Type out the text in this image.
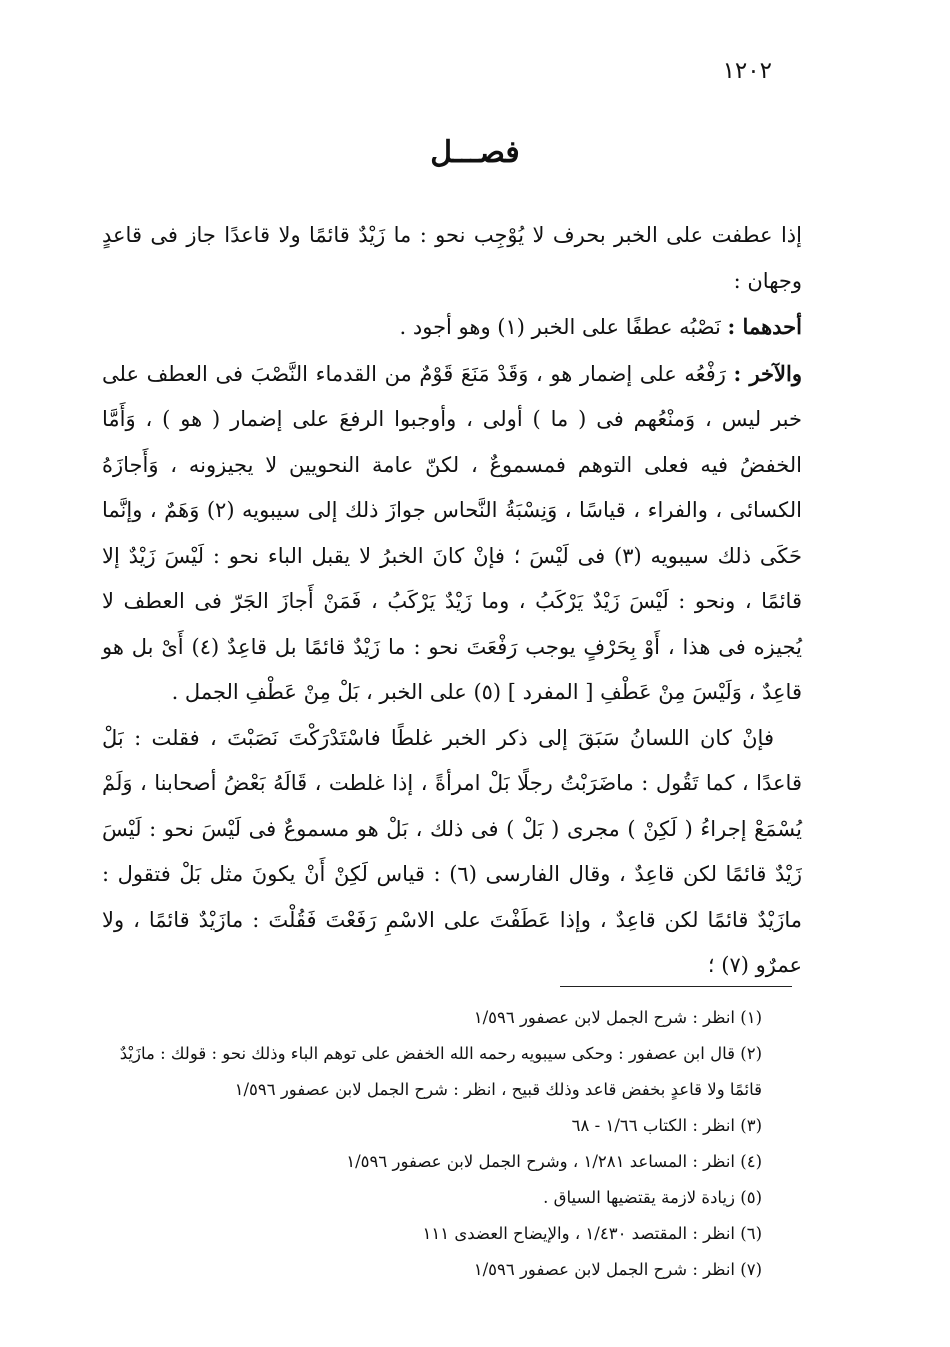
١٢٠٢
فصـــل

إذا عطفت على الخبر بحرف لا يُوْجِب نحو : ما زَيْدٌ قائمًا ولا قاعدًا جاز فى قاعدٍ وجهان :

أحدهما : نَصْبُه عطفًا على الخبر (١) وهو أجود .

والآخر : رَفْعُه على إضمار هو ، وَقَدْ مَنَعَ قَوْمٌ من القدماء النَّصْبَ فى العطف على خبر ليس ، وَمنْعُهم فى ( ما ) أولى ، وأوجبوا الرفعَ على إضمار ( هو ) ، وَأَمَّا الخفضُ فيه فعلى التوهم فمسموعٌ ، لكنّ عامة النحويين لا يجيزونه ، وَأَجازَهُ الكسائى ، والفراء ، قياسًا ، وَنِسْبَةُ النَّحاس جوازَ ذلك إلى سيبويه (٢) وَهَمٌ ، وإنَّما حَكَى ذلك سيبويه (٣) فى لَيْسَ ؛ فإنْ كانَ الخبرُ لا يقبل الباء نحو : لَيْسَ زَيْدٌ إلا قائمًا ، ونحو : لَيْسَ زَيْدٌ يَرْكَبُ ، وما زَيْدٌ يَرْكَبُ ، فَمَنْ أَجازَ الجَرّ فى العطف لا يُجيزه فى هذا ، أَوْ بِحَرْفٍ يوجب رَفْعَتَ نحو : ما زَيْدٌ قائمًا بل قاعِدٌ (٤) أَىْ بل هو قاعِدٌ ، وَلَيْسَ مِنْ عَطْفِ [ المفرد ] (٥) على الخبر ، بَلْ مِنْ عَطْفِ الجمل .

فإنْ كان اللسانُ سَبَقَ إلى ذكر الخبر غلطًا فاسْتَدْرَكْتَ نَصَبْتَ ، فقلت : بَلْ قاعدًا ، كما تَقُول : ماضَرَبْتُ رجلًا بَلْ امرأةً ، إذا غلطت ، قَالَهُ بَعْضُ أصحابنا ، وَلَمْ يُسْمَعْ إجراءُ ( لَكِنْ ) مجرى ( بَلْ ) فى ذلك ، بَلْ هو مسموعٌ فى لَيْسَ نحو : لَيْسَ زَيْدٌ قائمًا لكن قاعِدٌ ، وقال الفارسى (٦) : قياس لَكِنْ أَنْ يكونَ مثل بَلْ فتقول : مازَيْدٌ قائمًا لكن قاعِدٌ ، وإذا عَطَفْتَ على الاسْمِ رَفَعْتَ فَقُلْتَ : مازَيْدٌ قائمًا ، ولا عمرٌو (٧) ؛

(١) انظر : شرح الجمل لابن عصفور ١/٥٩٦
(٢) قال ابن عصفور : وحكى سيبويه رحمه الله الخفض على توهم الباء وذلك نحو : قولك : مازَيْدٌ قائمًا ولا قاعدٍ بخفض قاعد وذلك قبيح ، انظر : شرح الجمل لابن عصفور ١/٥٩٦
(٣) انظر : الكتاب ١/٦٦ - ٦٨
(٤) انظر : المساعد ١/٢٨١ ، وشرح الجمل لابن عصفور ١/٥٩٦
(٥) زيادة لازمة يقتضيها السياق .
(٦) انظر : المقتصد ١/٤٣٠ ، والإيضاح العضدى ١١١
(٧) انظر : شرح الجمل لابن عصفور ١/٥٩٦
